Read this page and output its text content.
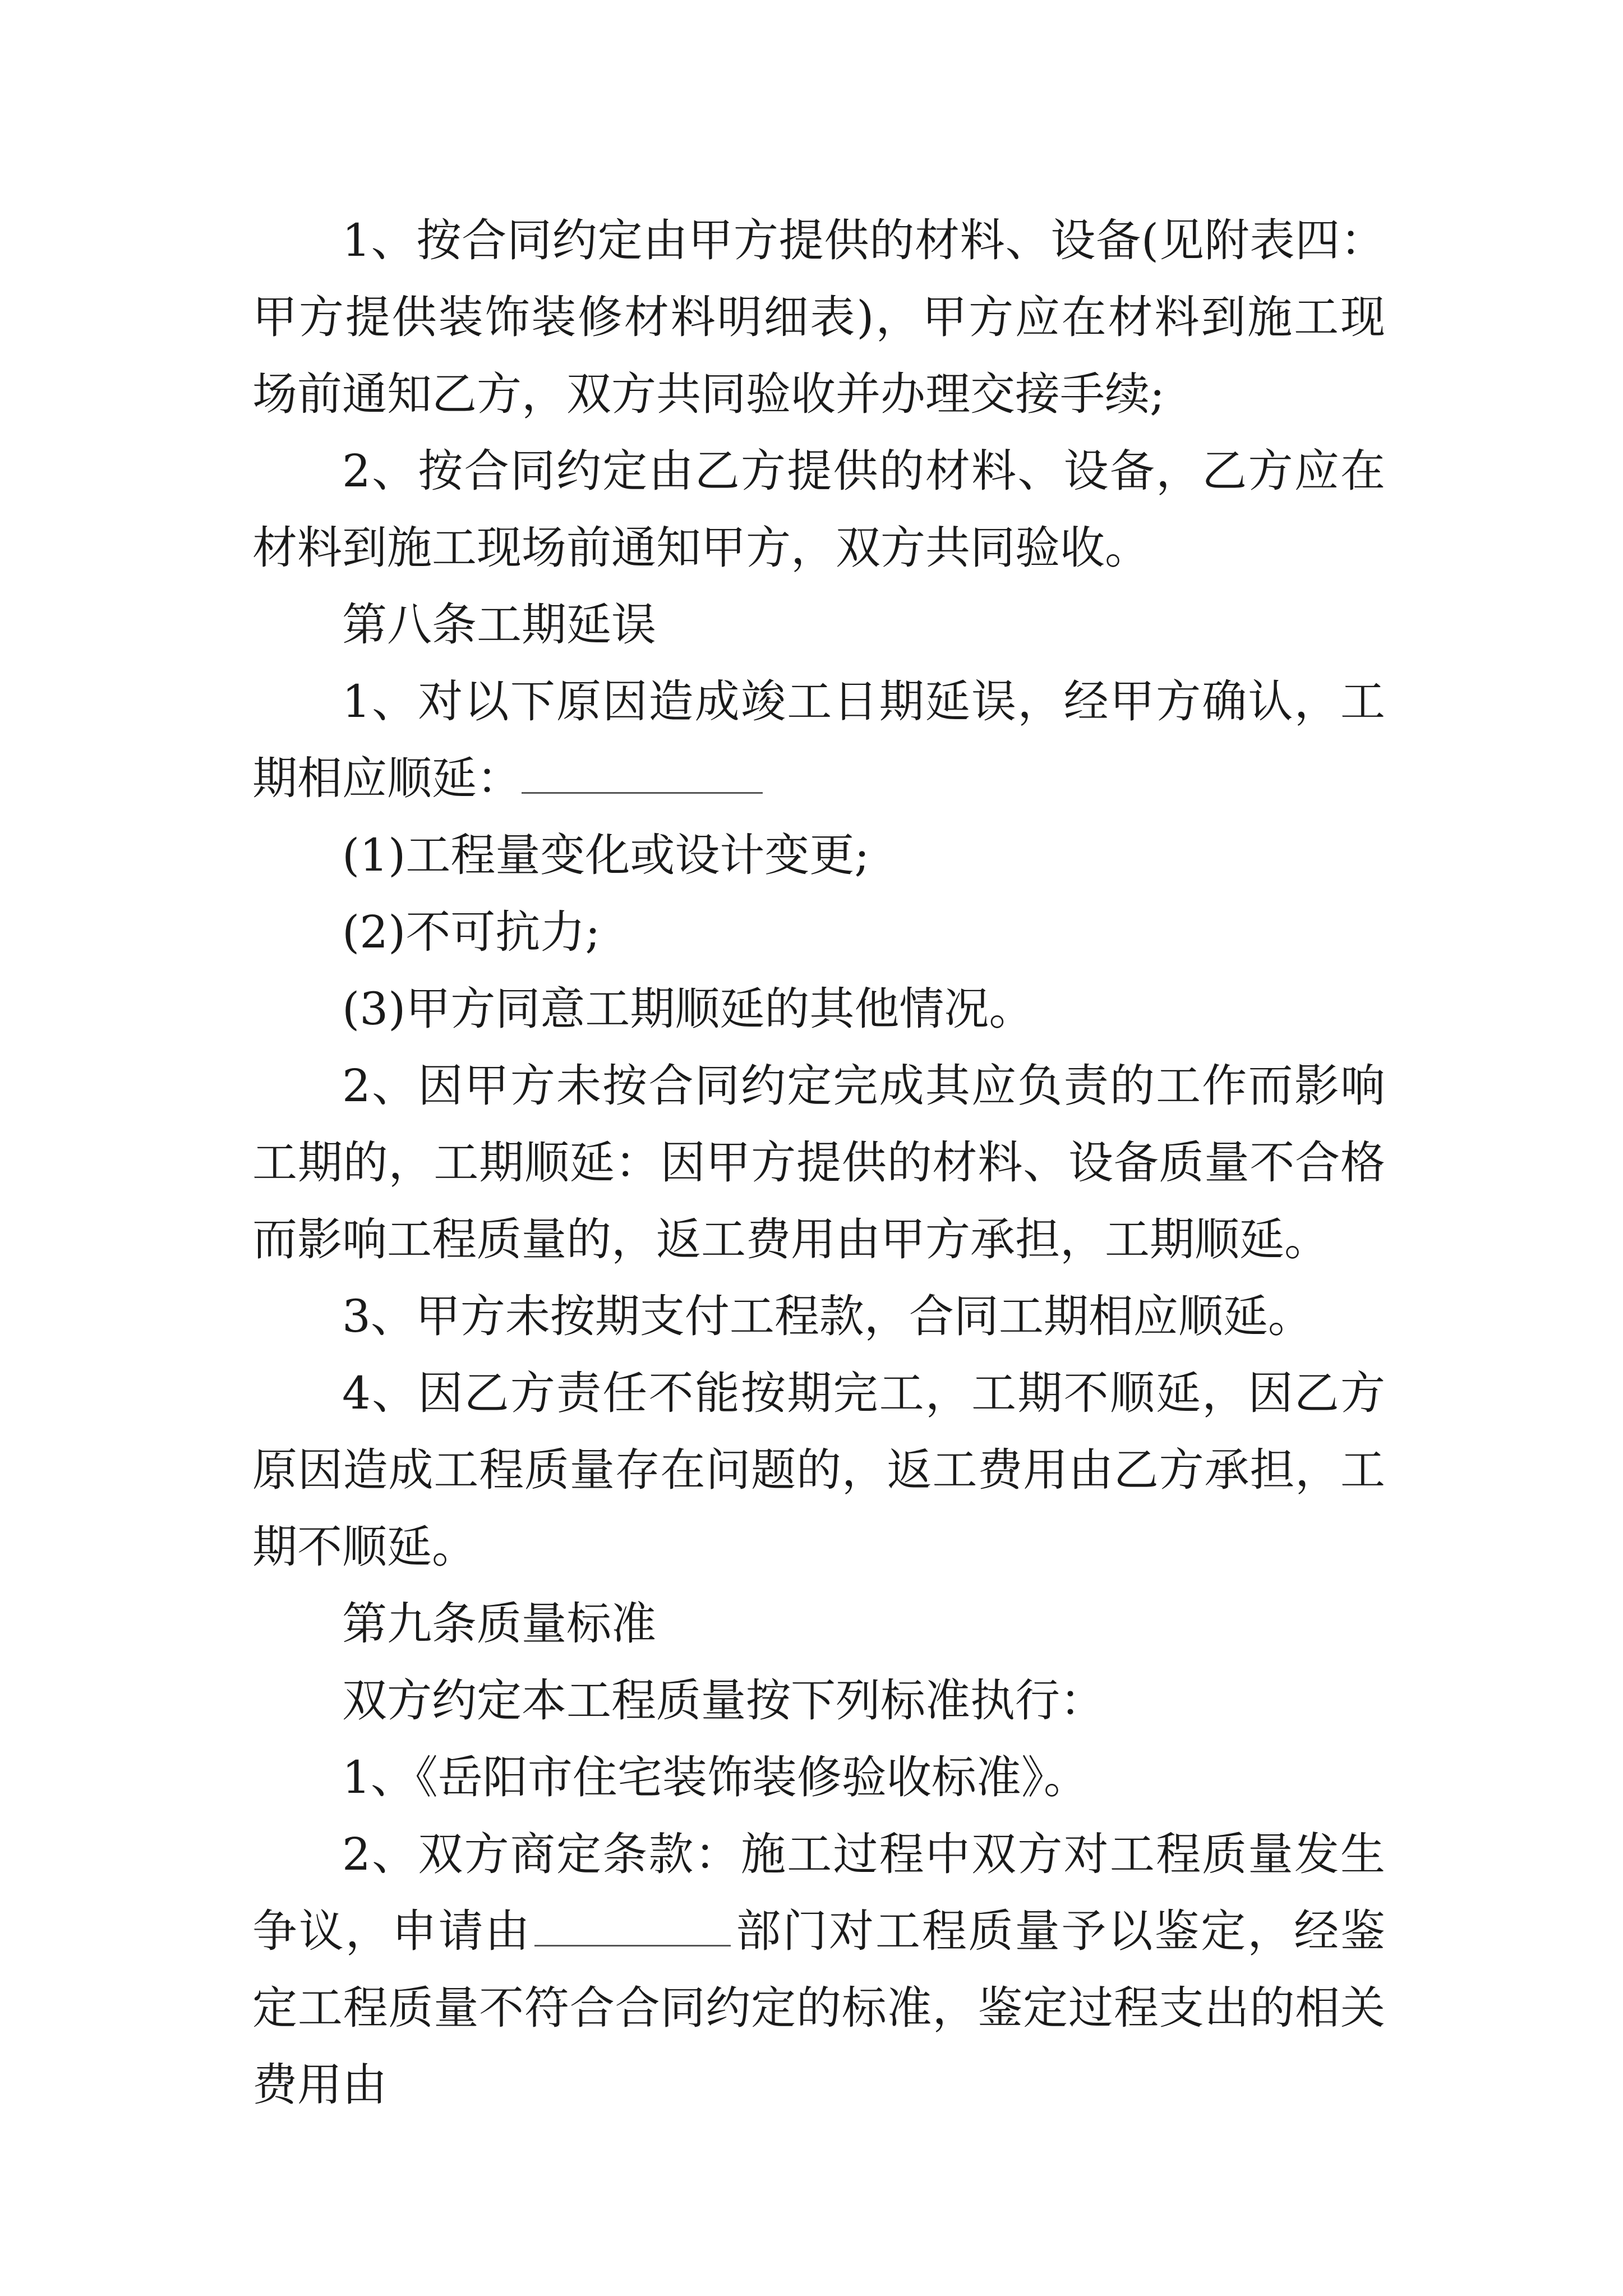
1、按合同约定由甲方提供的材料、设备(见附表四：甲方提供装饰装修材料明细表)，甲方应在材料到施工现场前通知乙方，双方共同验收并办理交接手续;

2、按合同约定由乙方提供的材料、设备，乙方应在材料到施工现场前通知甲方，双方共同验收。

第八条工期延误

1、对以下原因造成竣工日期延误，经甲方确认，工期相应顺延：

(1)工程量变化或设计变更;

(2)不可抗力;

(3)甲方同意工期顺延的其他情况。

2、因甲方未按合同约定完成其应负责的工作而影响工期的，工期顺延：因甲方提供的材料、设备质量不合格而影响工程质量的，返工费用由甲方承担，工期顺延。

3、甲方未按期支付工程款，合同工期相应顺延。

4、因乙方责任不能按期完工，工期不顺延，因乙方原因造成工程质量存在问题的，返工费用由乙方承担，工期不顺延。

第九条质量标准

双方约定本工程质量按下列标准执行：

1、《岳阳市住宅装饰装修验收标准》。

2、双方商定条款：施工过程中双方对工程质量发生争议，申请由	部门对工程质量予以鉴定，经鉴定工程质量不符合合同约定的标准，鉴定过程支出的相关费用由
